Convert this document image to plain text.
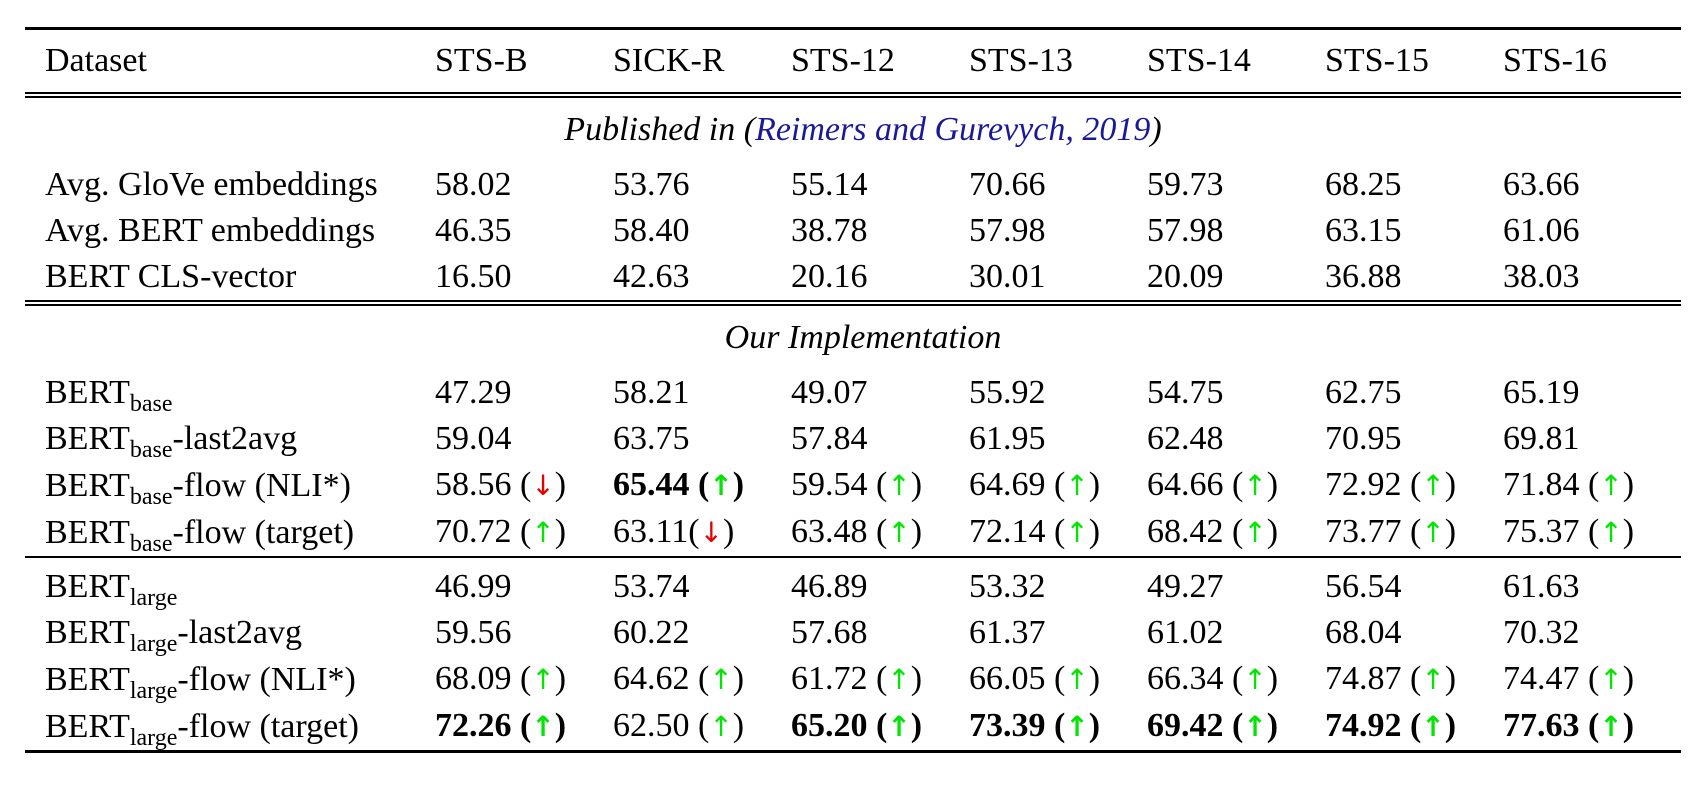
Dataset	STS-B	SICK-R	STS-12	STS-13	STS-14	STS-15	STS-16
Published in (Reimers and Gurevych, 2019)							
Avg. GloVe embeddings	58.02	53.76	55.14	70.66	59.73	68.25	63.66
Avg. BERT embeddings	46.35	58.40	38.78	57.98	57.98	63.15	61.06
BERT CLS-vector	16.50	42.63	20.16	30.01	20.09	36.88	38.03
Our Implementation							
$BERT_{base}$	47.29	58.21	49.07	55.92	54.75	62.75	65.19
$BERT_{base}-last2avg$	59.04	63.75	57.84	61.95	62.48	70.95	69.81
$BERT_{base}$-flow (NLI*)	58.56 (↓)	65.44 (↑)	59.54 (↑)	64.69 (↑)	64.66 (↑)	72.92 (↑)	71.84 (↑)
$BERT_{base}$-flow (target)	70.72 (↑)	63.11(↓)	63.48 (↑)	72.14 (↑)	68.42 (↑)	73.77 (↑)	75.37 (↑)
$BERT_{large}$	46.99	53.74	46.89	53.32	49.27	56.54	61.63
$BERT_{large}-last2avg$	59.56	60.22	57.68	61.37	61.02	68.04	70.32
$BERT_{large}$-flow (NLI*)	68.09 (↑)	64.62 (↑)	61.72 (↑)	66.05 (↑)	66.34 (↑)	74.87 (↑)	74.47 (↑)
$BERT_{large}$-flow (target)	72.26 (↑)	62.50 (↑)	65.20 (↑)	73.39 (↑)	69.42 (↑)	74.92 (↑)	77.63 (↑)
